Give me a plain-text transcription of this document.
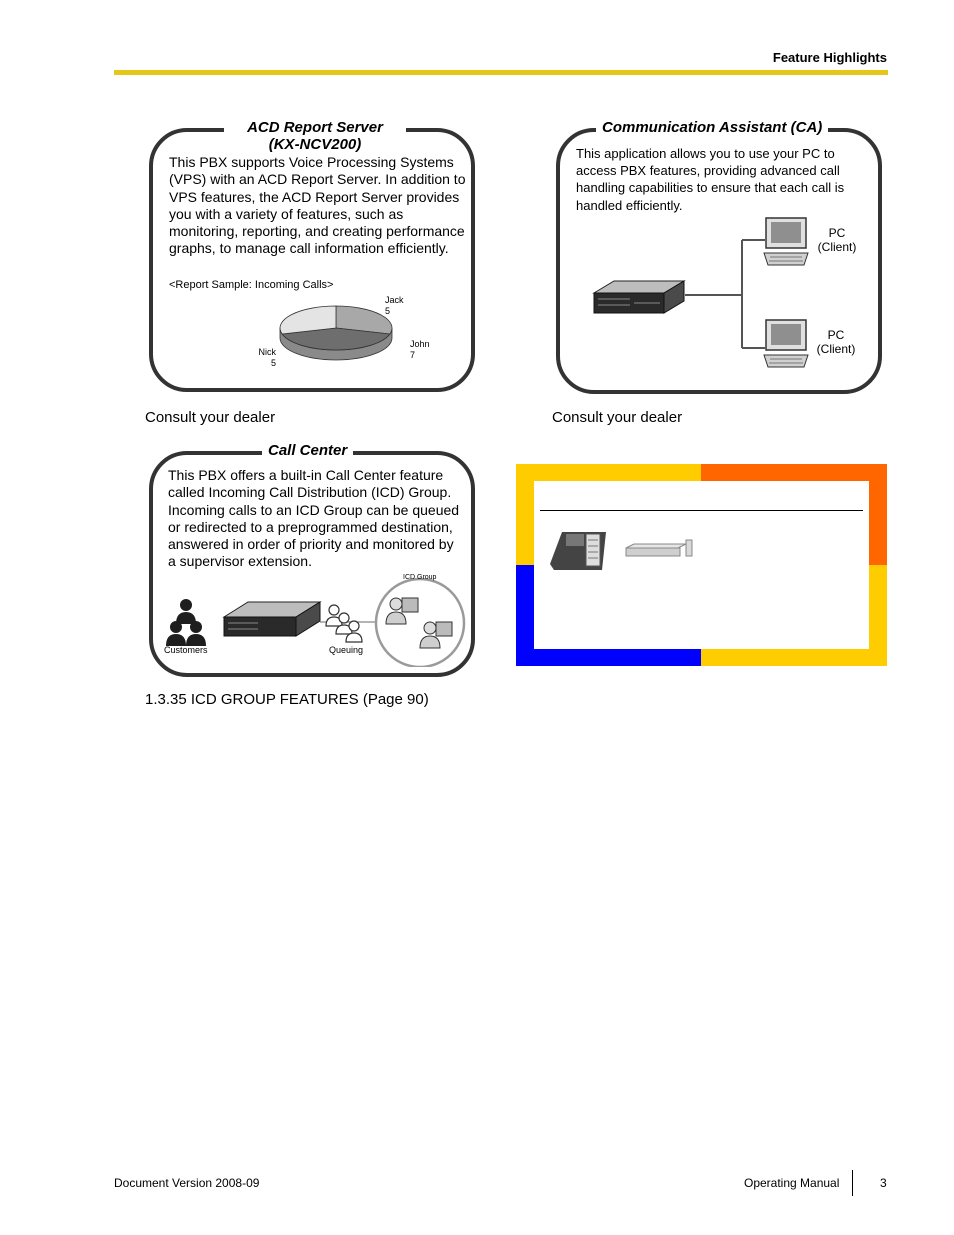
Feature Highlights
ACD Report Server
(KX-NCV200)
This PBX supports Voice Processing Systems (VPS) with an ACD Report Server. In addition to VPS features, the ACD Report Server provides you with a variety of features, such as monitoring, reporting, and creating performance graphs, to manage call information efficiently.
<Report Sample: Incoming Calls>
Jack
5
John
7
Nick
5
Consult your dealer
Communication Assistant (CA)
This application allows you to use your PC to access PBX features, providing advanced call handling capabilities to ensure that each call is handled efficiently.
PC
(Client)
PC
(Client)
Consult your dealer
Call Center
This PBX offers a built-in Call Center feature called Incoming Call Distribution (ICD) Group. Incoming calls to an ICD Group can be queued or redirected to a preprogrammed destination, answered in order of priority and monitored by a supervisor extension.
ICD Group
Customers	Queuing
1.3.35 ICD GROUP FEATURES (Page 90)
Document Version 2008-09	Operating Manual	3
